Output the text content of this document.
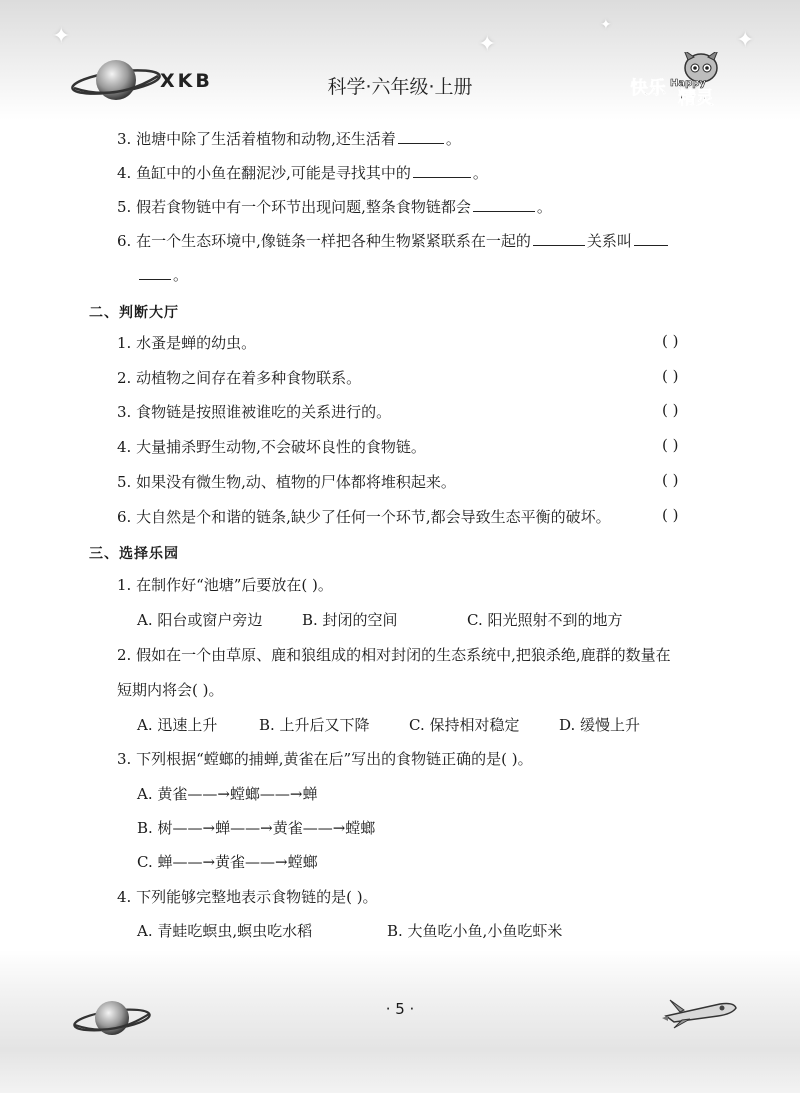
✦	✦	✦
✦
XKB	科学·六年级·上册	快乐 Happy
精灵
3. 池塘中除了生活着植物和动物,还生活着	。
4. 鱼缸中的小鱼在翻泥沙,可能是寻找其中的	。
5. 假若食物链中有一个环节出现问题,整条食物链都会	。
6. 在一个生态环境中,像链条一样把各种生物紧紧联系在一起的	关系叫
。
二、判断大厅
1. 水蚤是蝉的幼虫。	( )
2. 动植物之间存在着多种食物联系。	( )
3. 食物链是按照谁被谁吃的关系进行的。	( )
4. 大量捕杀野生动物,不会破坏良性的食物链。	( )
5. 如果没有微生物,动、植物的尸体都将堆积起来。	( )
6. 大自然是个和谐的链条,缺少了任何一个环节,都会导致生态平衡的破坏。	( )
三、选择乐园
1. 在制作好“池塘”后要放在( )。
A. 阳台或窗户旁边	B. 封闭的空间	C. 阳光照射不到的地方
2. 假如在一个由草原、鹿和狼组成的相对封闭的生态系统中,把狼杀绝,鹿群的数量在
短期内将会( )。
A. 迅速上升	B. 上升后又下降	C. 保持相对稳定	D. 缓慢上升
3. 下列根据“螳螂的捕蝉,黄雀在后”写出的食物链正确的是( )。
A. 黄雀——→螳螂——→蝉
B. 树——→蝉——→黄雀——→螳螂
C. 蝉——→黄雀——→螳螂
4. 下列能够完整地表示食物链的是( )。
A. 青蛙吃螟虫,螟虫吃水稻	B. 大鱼吃小鱼,小鱼吃虾米
· 5 ·
